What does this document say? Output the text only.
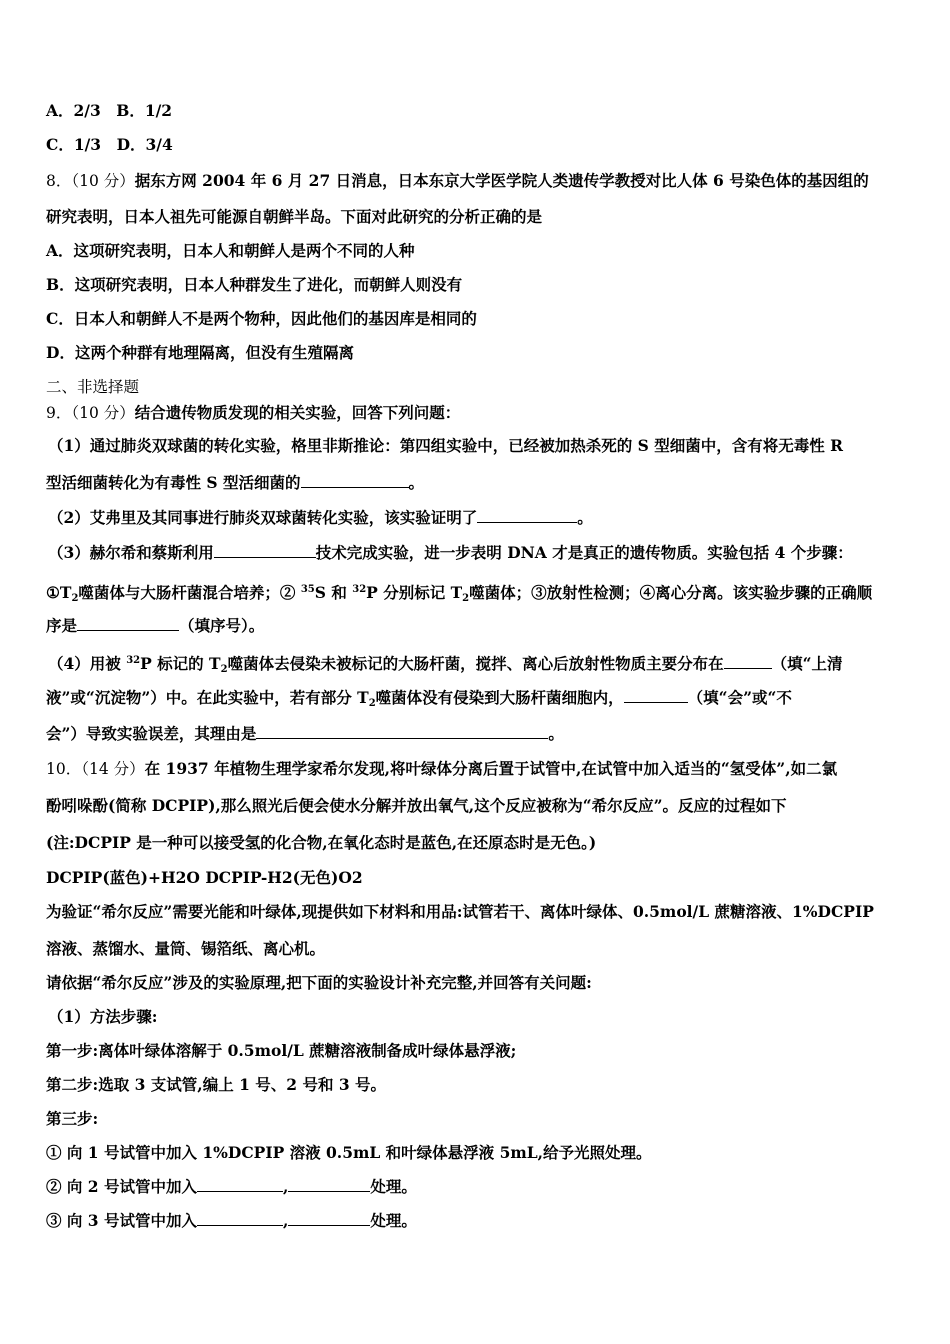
A．2/3　B．1/2
C．1/3　D．3/4
8．（10 分）据东方网 2004 年 6 月 27 日消息，日本东京大学医学院人类遗传学教授对比人体 6 号染色体的基因组的
研究表明，日本人祖先可能源自朝鲜半岛。下面对此研究的分析正确的是
A．这项研究表明，日本人和朝鲜人是两个不同的人种
B．这项研究表明，日本人种群发生了进化，而朝鲜人则没有
C．日本人和朝鲜人不是两个物种，因此他们的基因库是相同的
D．这两个种群有地理隔离，但没有生殖隔离
二、非选择题
9．（10 分）结合遗传物质发现的相关实验，回答下列问题：
（1）通过肺炎双球菌的转化实验，格里非斯推论：第四组实验中，已经被加热杀死的 S 型细菌中，含有将无毒性 R
型活细菌转化为有毒性 S 型活细菌的	。
（2）艾弗里及其同事进行肺炎双球菌转化实验，该实验证明了	。
（3）赫尔希和蔡斯利用	技术完成实验，进一步表明 DNA 才是真正的遗传物质。实验包括 4 个步骤：
$①T_2$噬菌体与大肠杆菌混合培养；② $^{35}$S 和 $^{32}$P 分别标记 $T_2$噬菌体；③放射性检测；④离心分离。该实验步骤的正确顺
序是	（填序号）。
（4）用被 $^{32}$P 标记的 $T_2$噬菌体去侵染未被标记的大肠杆菌，搅拌、离心后放射性物质主要分布在	（填“上清
液”或“沉淀物”）中。在此实验中，若有部分 $T_2$噬菌体没有侵染到大肠杆菌细胞内，	（填“会”或“不
会”）导致实验误差，其理由是	。
10．（14 分）在 1937 年植物生理学家希尔发现,将叶绿体分离后置于试管中,在试管中加入适当的“氢受体”,如二氯
酚吲哚酚(简称 DCPIP),那么照光后便会使水分解并放出氧气,这个反应被称为“希尔反应”。反应的过程如下
(注:DCPIP 是一种可以接受氢的化合物,在氧化态时是蓝色,在还原态时是无色。)
DCPIP(蓝色)+H2O DCPIP-H2(无色)O2
为验证“希尔反应”需要光能和叶绿体,现提供如下材料和用品:试管若干、离体叶绿体、0.5mol/L 蔗糖溶液、1%DCPIP
溶液、蒸馏水、量筒、锡箔纸、离心机。
请依据“希尔反应”涉及的实验原理,把下面的实验设计补充完整,并回答有关问题:
（1）方法步骤:
第一步:离体叶绿体溶解于 0.5mol/L 蔗糖溶液制备成叶绿体悬浮液;
第二步:选取 3 支试管,编上 1 号、2 号和 3 号。
第三步:
① 向 1 号试管中加入 1%DCPIP 溶液 0.5mL 和叶绿体悬浮液 5mL,给予光照处理。
② 向 2 号试管中加入	,	处理。
③ 向 3 号试管中加入	,	处理。
